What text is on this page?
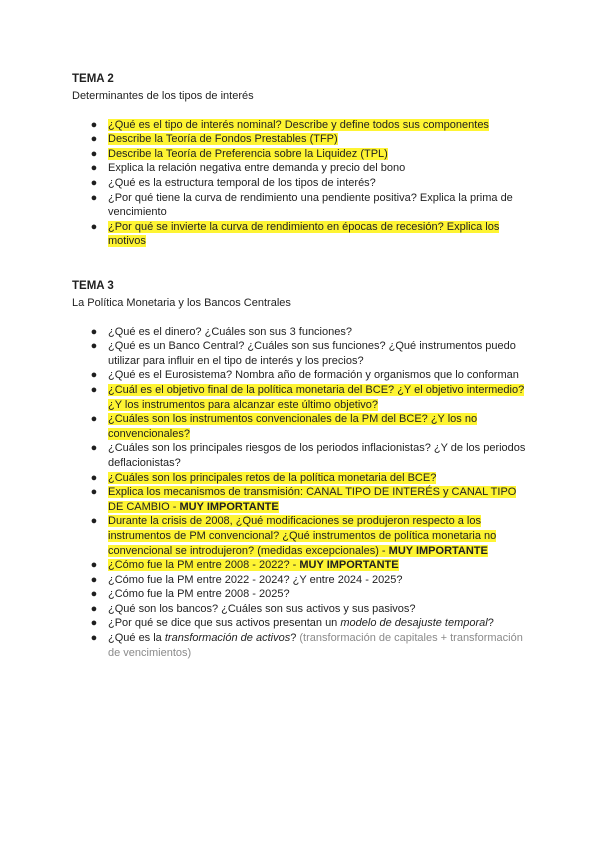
TEMA 2
Determinantes de los tipos de interés
● ¿Qué es el tipo de interés nominal? Describe y define todos sus componentes
● Describe la Teoría de Fondos Prestables (TFP)
● Describe la Teoría de Preferencia sobre la Liquidez (TPL)
● Explica la relación negativa entre demanda y precio del bono
● ¿Qué es la estructura temporal de los tipos de interés?
● ¿Por qué tiene la curva de rendimiento una pendiente positiva? Explica la prima de vencimiento
● ¿Por qué se invierte la curva de rendimiento en épocas de recesión? Explica los motivos
TEMA 3
La Política Monetaria y los Bancos Centrales
● ¿Qué es el dinero? ¿Cuáles son sus 3 funciones?
● ¿Qué es un Banco Central? ¿Cuáles son sus funciones? ¿Qué instrumentos puedo utilizar para influir en el tipo de interés y los precios?
● ¿Qué es el Eurosistema? Nombra año de formación y organismos que lo conforman
● ¿Cuál es el objetivo final de la política monetaria del BCE? ¿Y el objetivo intermedio? ¿Y los instrumentos para alcanzar este último objetivo?
● ¿Cuáles son los instrumentos convencionales de la PM del BCE? ¿Y los no convencionales?
● ¿Cuáles son los principales riesgos de los periodos inflacionistas? ¿Y de los periodos deflacionistas?
● ¿Cuáles son los principales retos de la política monetaria del BCE?
● Explica los mecanismos de transmisión: CANAL TIPO DE INTERÉS y CANAL TIPO DE CAMBIO - MUY IMPORTANTE
● Durante la crisis de 2008, ¿Qué modificaciones se produjeron respecto a los instrumentos de PM convencional? ¿Qué instrumentos de política monetaria no convencional se introdujeron? (medidas excepcionales) - MUY IMPORTANTE
● ¿Cómo fue la PM entre 2008 - 2022? - MUY IMPORTANTE
● ¿Cómo fue la PM entre 2022 - 2024? ¿Y entre 2024 - 2025?
● ¿Cómo fue la PM entre 2008 - 2025?
● ¿Qué son los bancos? ¿Cuáles son sus activos y sus pasivos?
● ¿Por qué se dice que sus activos presentan un modelo de desajuste temporal?
● ¿Qué es la transformación de activos? (transformación de capitales + transformación de vencimientos)
